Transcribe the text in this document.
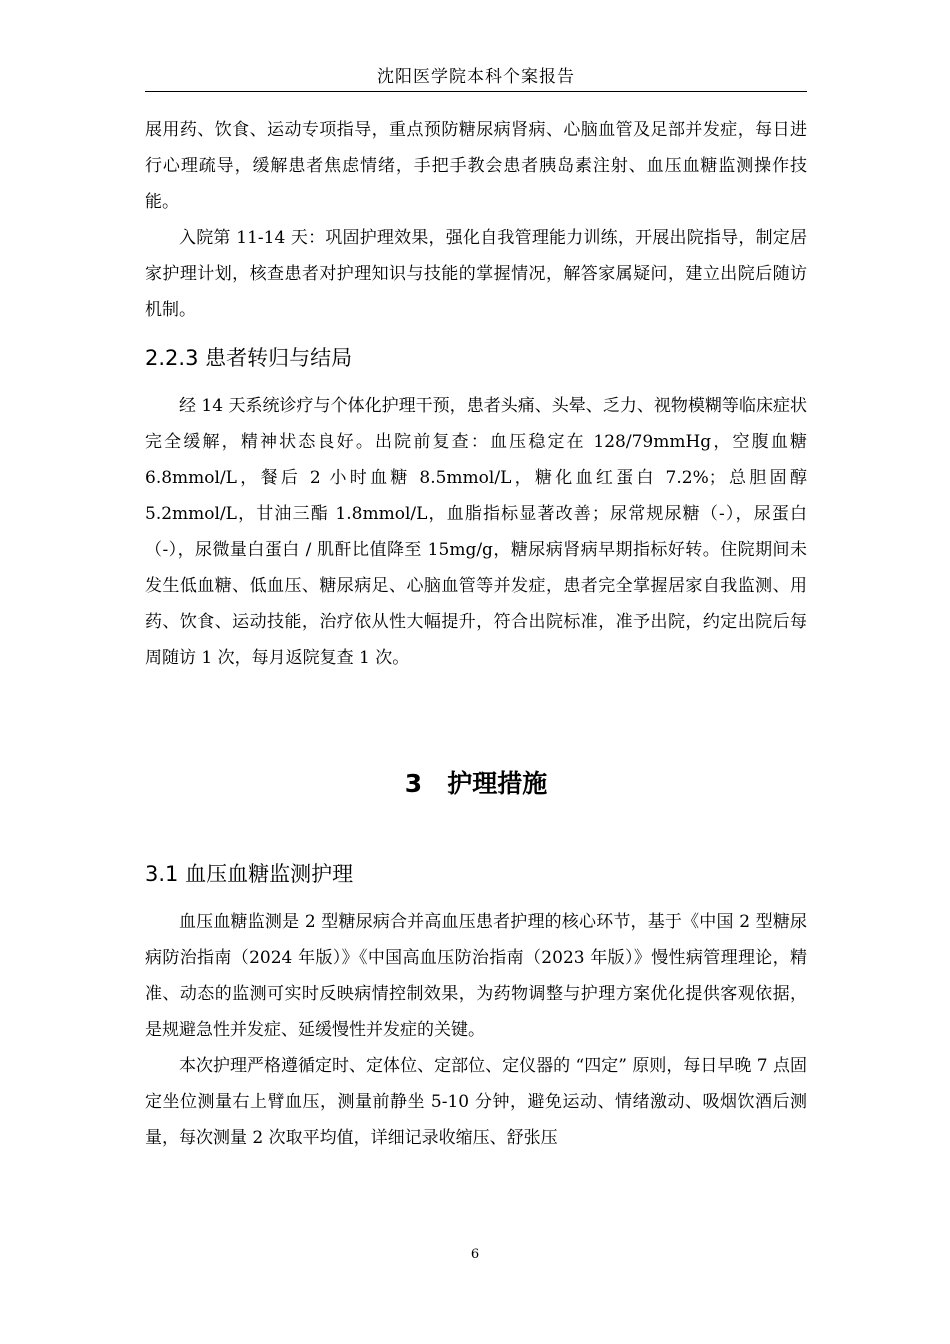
沈阳医学院本科个案报告

展用药、饮食、运动专项指导，重点预防糖尿病肾病、心脑血管及足部并发症，每日进行心理疏导，缓解患者焦虑情绪，手把手教会患者胰岛素注射、血压血糖监测操作技能。

入院第 11-14 天：巩固护理效果，强化自我管理能力训练，开展出院指导，制定居家护理计划，核查患者对护理知识与技能的掌握情况，解答家属疑问，建立出院后随访机制。

2.2.3 患者转归与结局

经 14 天系统诊疗与个体化护理干预，患者头痛、头晕、乏力、视物模糊等临床症状完全缓解，精神状态良好。出院前复查：血压稳定在 128/79mmHg，空腹血糖 6.8mmol/L，餐后 2 小时血糖 8.5mmol/L，糖化血红蛋白 7.2%；总胆固醇 5.2mmol/L，甘油三酯 1.8mmol/L，血脂指标显著改善；尿常规尿糖（-），尿蛋白（-），尿微量白蛋白 / 肌酐比值降至 15mg/g，糖尿病肾病早期指标好转。住院期间未发生低血糖、低血压、糖尿病足、心脑血管等并发症，患者完全掌握居家自我监测、用药、饮食、运动技能，治疗依从性大幅提升，符合出院标准，准予出院，约定出院后每周随访 1 次，每月返院复查 1 次。

3　护理措施
3.1 血压血糖监测护理

血压血糖监测是 2 型糖尿病合并高血压患者护理的核心环节，基于《中国 2 型糖尿病防治指南（2024 年版）》《中国高血压防治指南（2023 年版）》慢性病管理理论，精准、动态的监测可实时反映病情控制效果，为药物调整与护理方案优化提供客观依据，是规避急性并发症、延缓慢性并发症的关键。

本次护理严格遵循定时、定体位、定部位、定仪器的 “四定” 原则，每日早晚 7 点固定坐位测量右上臂血压，测量前静坐 5-10 分钟，避免运动、情绪激动、吸烟饮酒后测量，每次测量 2 次取平均值，详细记录收缩压、舒张压

6
